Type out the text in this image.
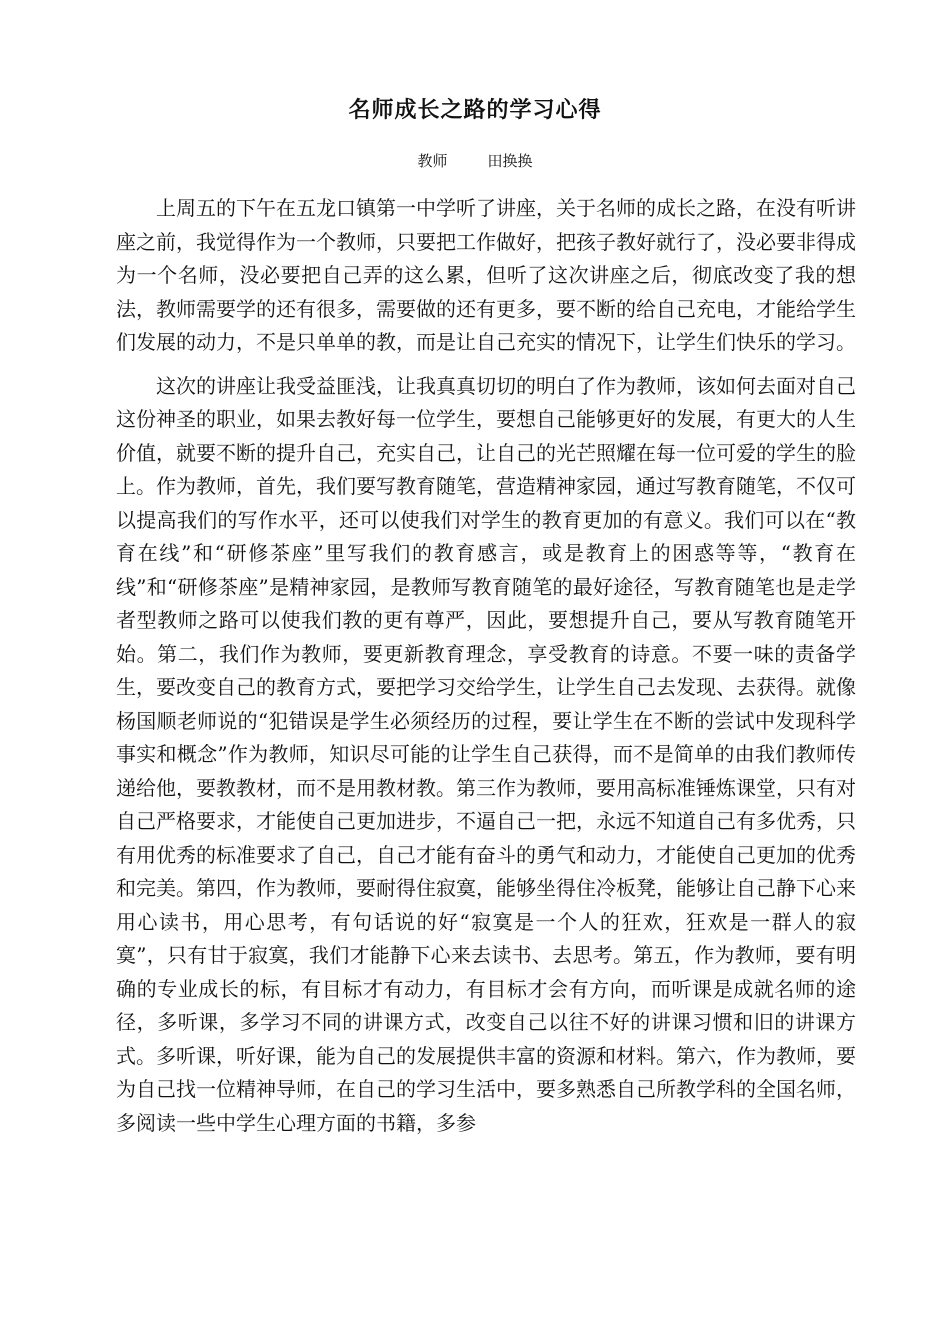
名师成长之路的学习心得
教师	田换换

上周五的下午在五龙口镇第一中学听了讲座，关于名师的成长之路，在没有听讲座之前，我觉得作为一个教师，只要把工作做好，把孩子教好就行了，没必要非得成为一个名师，没必要把自己弄的这么累，但听了这次讲座之后，彻底改变了我的想法，教师需要学的还有很多，需要做的还有更多，要不断的给自己充电，才能给学生们发展的动力，不是只单单的教，而是让自己充实的情况下，让学生们快乐的学习。

这次的讲座让我受益匪浅，让我真真切切的明白了作为教师，该如何去面对自己这份神圣的职业，如果去教好每一位学生，要想自己能够更好的发展，有更大的人生价值，就要不断的提升自己，充实自己，让自己的光芒照耀在每一位可爱的学生的脸上。作为教师，首先，我们要写教育随笔，营造精神家园，通过写教育随笔，不仅可以提高我们的写作水平，还可以使我们对学生的教育更加的有意义。我们可以在“教育在线”和“研修茶座”里写我们的教育感言，或是教育上的困惑等等，“教育在线”和“研修茶座”是精神家园，是教师写教育随笔的最好途径，写教育随笔也是走学者型教师之路可以使我们教的更有尊严，因此，要想提升自己，要从写教育随笔开始。第二，我们作为教师，要更新教育理念，享受教育的诗意。不要一味的责备学生，要改变自己的教育方式，要把学习交给学生，让学生自己去发现、去获得。就像杨国顺老师说的“犯错误是学生必须经历的过程，要让学生在不断的尝试中发现科学事实和概念”作为教师，知识尽可能的让学生自己获得，而不是简单的由我们教师传递给他，要教教材，而不是用教材教。第三作为教师，要用高标准锤炼课堂，只有对自己严格要求，才能使自己更加进步，不逼自己一把，永远不知道自己有多优秀，只有用优秀的标准要求了自己，自己才能有奋斗的勇气和动力，才能使自己更加的优秀和完美。第四，作为教师，要耐得住寂寞，能够坐得住冷板凳，能够让自己静下心来用心读书，用心思考，有句话说的好“寂寞是一个人的狂欢，狂欢是一群人的寂寞”，只有甘于寂寞，我们才能静下心来去读书、去思考。第五，作为教师，要有明确的专业成长的标，有目标才有动力，有目标才会有方向，而听课是成就名师的途径，多听课，多学习不同的讲课方式，改变自己以往不好的讲课习惯和旧的讲课方式。多听课，听好课，能为自己的发展提供丰富的资源和材料。第六，作为教师，要为自己找一位精神导师，在自己的学习生活中，要多熟悉自己所教学科的全国名师，多阅读一些中学生心理方面的书籍，多参
